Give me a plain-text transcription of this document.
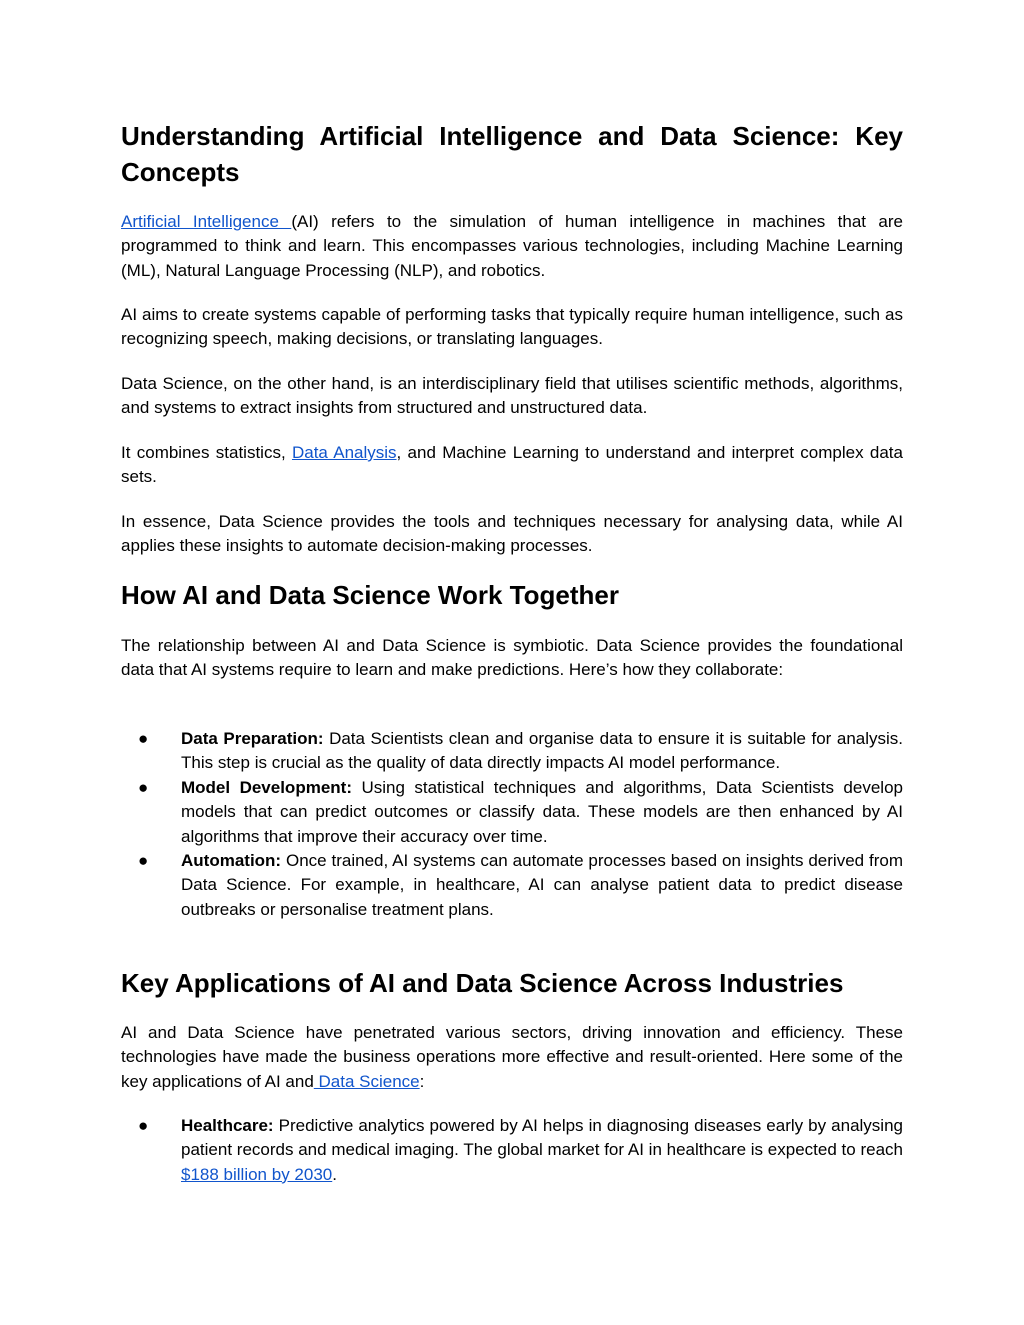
Understanding Artificial Intelligence and Data Science: Key Concepts

Artificial Intelligence (AI) refers to the simulation of human intelligence in machines that are programmed to think and learn. This encompasses various technologies, including Machine Learning (ML), Natural Language Processing (NLP), and robotics.

AI aims to create systems capable of performing tasks that typically require human intelligence, such as recognizing speech, making decisions, or translating languages.

Data Science, on the other hand, is an interdisciplinary field that utilises scientific methods, algorithms, and systems to extract insights from structured and unstructured data.

It combines statistics, Data Analysis, and Machine Learning to understand and interpret complex data sets.

In essence, Data Science provides the tools and techniques necessary for analysing data, while AI applies these insights to automate decision-making processes.

How AI and Data Science Work Together

The relationship between AI and Data Science is symbiotic. Data Science provides the foundational data that AI systems require to learn and make predictions. Here’s how they collaborate:

● Data Preparation: Data Scientists clean and organise data to ensure it is suitable for analysis. This step is crucial as the quality of data directly impacts AI model performance.
● Model Development: Using statistical techniques and algorithms, Data Scientists develop models that can predict outcomes or classify data. These models are then enhanced by AI algorithms that improve their accuracy over time.
● Automation: Once trained, AI systems can automate processes based on insights derived from Data Science. For example, in healthcare, AI can analyse patient data to predict disease outbreaks or personalise treatment plans.
Key Applications of AI and Data Science Across Industries

AI and Data Science have penetrated various sectors, driving innovation and efficiency. These technologies have made the business operations more effective and result-oriented. Here some of the key applications of AI and Data Science:

● Healthcare: Predictive analytics powered by AI helps in diagnosing diseases early by analysing patient records and medical imaging. The global market for AI in healthcare is expected to reach $188 billion by 2030.
